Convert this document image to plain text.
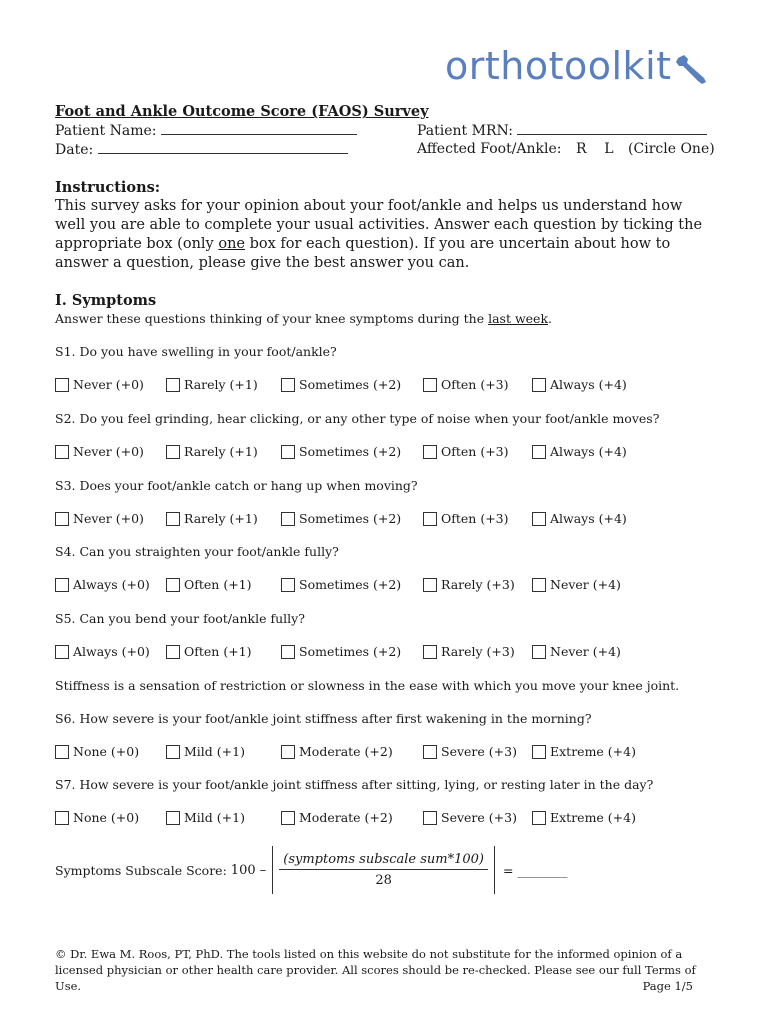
orthotoolkit
Foot and Ankle Outcome Score (FAOS) Survey
Patient Name:
Date:
Patient MRN:
Affected Foot/Ankle: R    L (Circle One)
Instructions:
This survey asks for your opinion about your foot/ankle and helps us understand how well you are able to complete your usual activities. Answer each question by ticking the appropriate box (only one box for each question). If you are uncertain about how to answer a question, please give the best answer you can.
I. Symptoms
Answer these questions thinking of your knee symptoms during the last week.
S1. Do you have swelling in your foot/ankle?
Never (+0)	Rarely (+1)	Sometimes (+2)	Often (+3)	Always (+4)
S2. Do you feel grinding, hear clicking, or any other type of noise when your foot/ankle moves?
Never (+0)	Rarely (+1)	Sometimes (+2)	Often (+3)	Always (+4)
S3. Does your foot/ankle catch or hang up when moving?
Never (+0)	Rarely (+1)	Sometimes (+2)	Often (+3)	Always (+4)
S4. Can you straighten your foot/ankle fully?
Always (+0)	Often (+1)	Sometimes (+2)	Rarely (+3)	Never (+4)
S5. Can you bend your foot/ankle fully?
Always (+0)	Often (+1)	Sometimes (+2)	Rarely (+3)	Never (+4)
S6. How severe is your foot/ankle joint stiffness after first wakening in the morning?
None (+0)	Mild (+1)	Moderate (+2)	Severe (+3)	Extreme (+4)
S7. How severe is your foot/ankle joint stiffness after sitting, lying, or resting later in the day?
None (+0)	Mild (+1)	Moderate (+2)	Severe (+3)	Extreme (+4)
Stiffness is a sensation of restriction or slowness in the ease with which you move your knee joint.
Symptoms Subscale Score: 100 –
(symptoms subscale sum*100)
28
= ________
© Dr. Ewa M. Roos, PT, PhD. The tools listed on this website do not substitute for the informed opinion of a licensed physician or other health care provider. All scores should be re-checked. Please see our full Terms of Use.	Page 1/5
